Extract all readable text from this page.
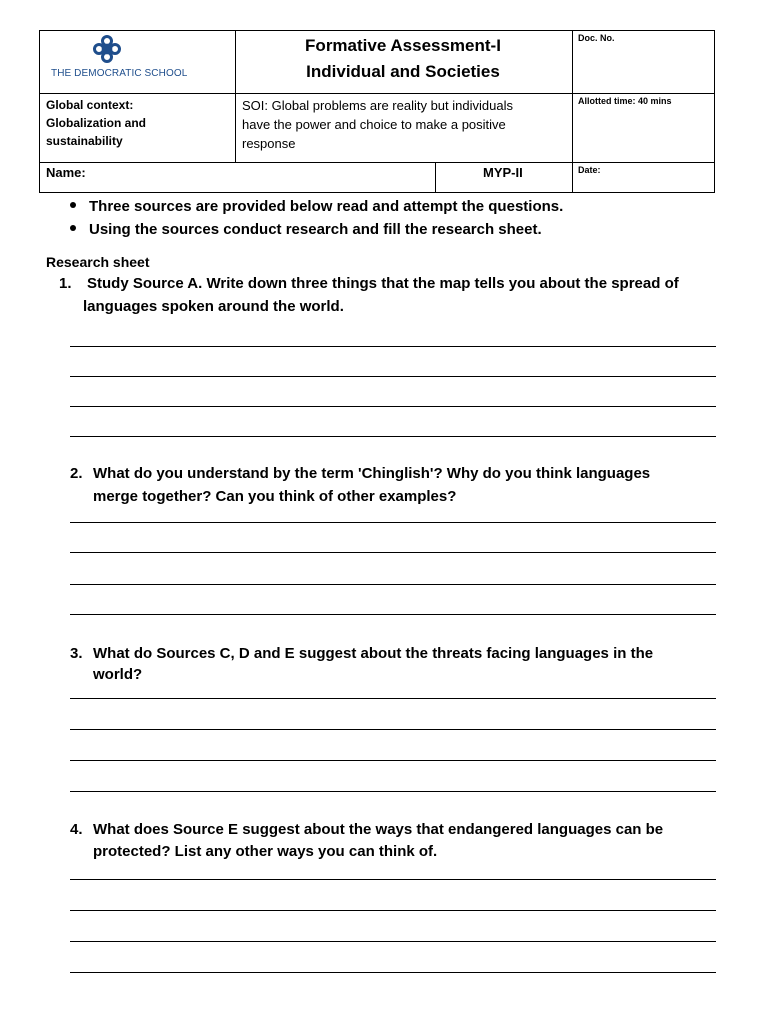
THE DEMOCRATIC SCHOOL
Formative Assessment-I
Individual and Societies
Doc. No.
Global context:
Globalization and
sustainability
SOI: Global problems are reality but individuals
have the power and choice to make a positive
response
Allotted time: 40 mins
Name:	MYP-II	Date:
Three sources are provided below read and attempt the questions.
Using the sources conduct research and fill the research sheet.
Research sheet
1. Study Source A. Write down three things that the map tells you about the spread of
languages spoken around the world.
2. What do you understand by the term 'Chinglish'? Why do you think languages
merge together? Can you think of other examples?
3. What do Sources C, D and E suggest about the threats facing languages in the
world?
4. What does Source E suggest about the ways that endangered languages can be
protected? List any other ways you can think of.
